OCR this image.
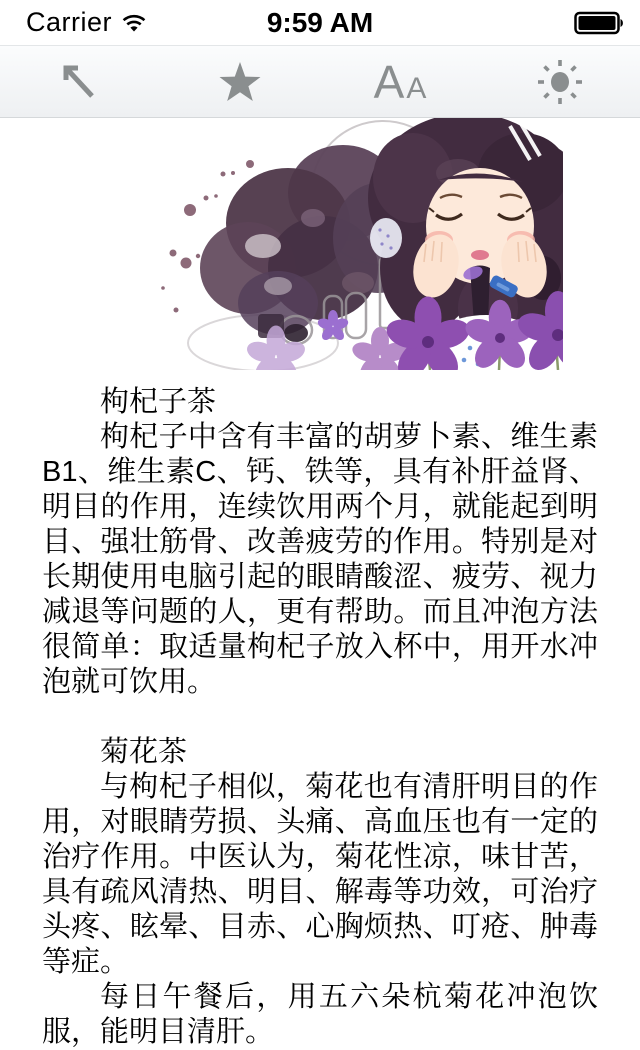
Carrier	9:59 AM
A A

枸杞子茶

枸杞子中含有丰富的胡萝卜素、维生素B1、维生素C、钙、铁等，具有补肝益肾、明目的作用，连续饮用两个月，就能起到明目、强壮筋骨、改善疲劳的作用。特别是对长期使用电脑引起的眼睛酸涩、疲劳、视力减退等问题的人，更有帮助。而且冲泡方法很简单：取适量枸杞子放入杯中，用开水冲泡就可饮用。

菊花茶

与枸杞子相似，菊花也有清肝明目的作用，对眼睛劳损、头痛、高血压也有一定的治疗作用。中医认为，菊花性凉，味甘苦，具有疏风清热、明目、解毒等功效，可治疗头疼、眩晕、目赤、心胸烦热、叮疮、肿毒等症。

每日午餐后，用五六朵杭菊花冲泡饮服，能明目清肝。
